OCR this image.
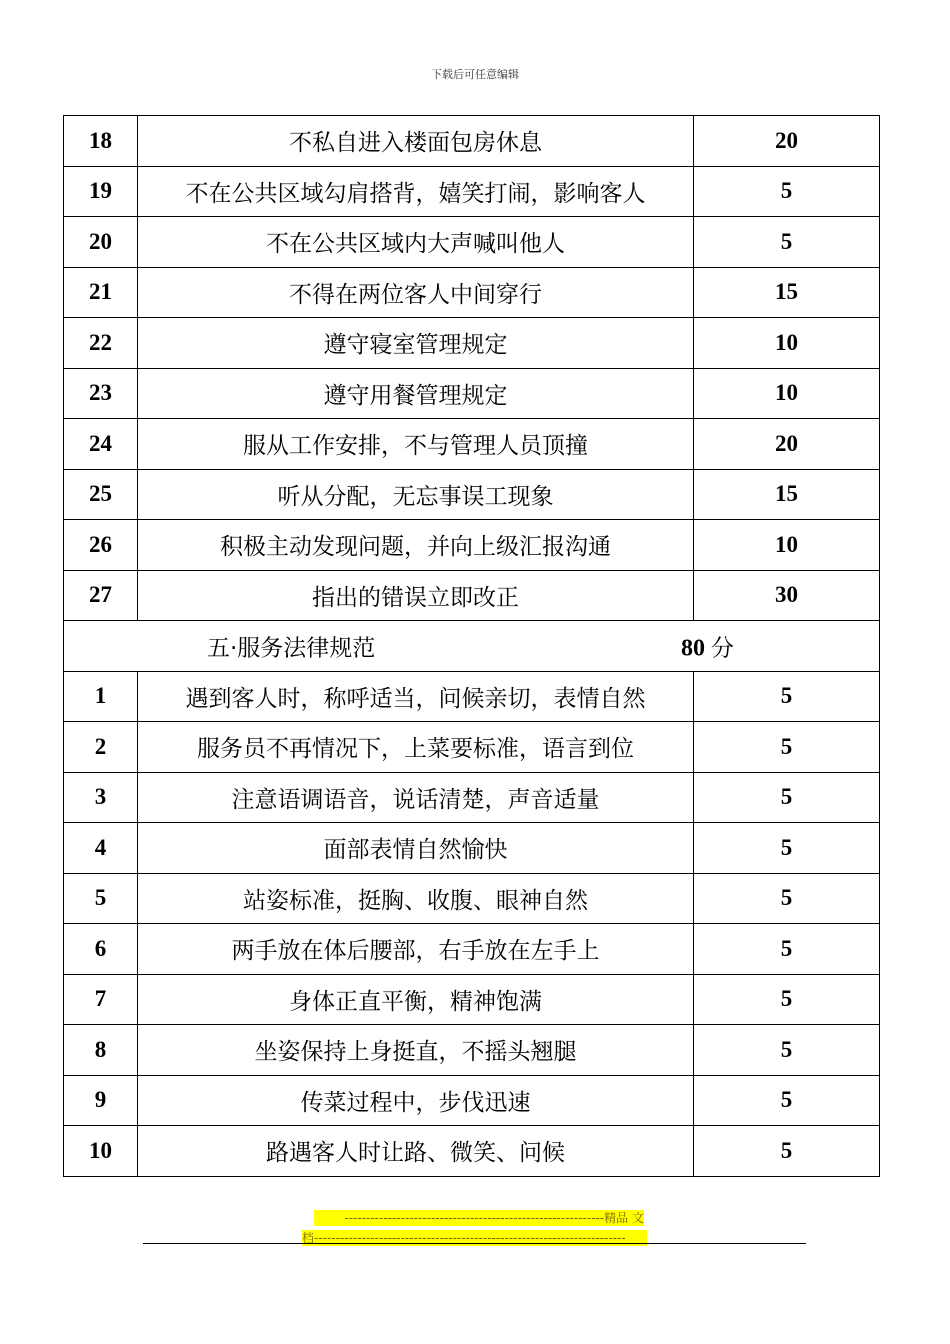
下载后可任意编辑
18	不私自进入楼面包房休息	20
19	不在公共区域勾肩搭背，嬉笑打闹，影响客人	5
20	不在公共区域内大声喊叫他人	5
21	不得在两位客人中间穿行	15
22	遵守寝室管理规定	10
23	遵守用餐管理规定	10
24	服从工作安排，不与管理人员顶撞	20
25	听从分配，无忘事误工现象	15
26	积极主动发现问题，并向上级汇报沟通	10
27	指出的错误立即改正	30

五·服务法律规范 80 分		

1	遇到客人时，称呼适当，问候亲切，表情自然	5
2	服务员不再情况下，上菜要标准，语言到位	5
3	注意语调语音，说话清楚，声音适量	5
4	面部表情自然愉快	5
5	站姿标准，挺胸、收腹、眼神自然	5
6	两手放在体后腰部，右手放在左手上	5
7	身体正直平衡，精神饱满	5
8	坐姿保持上身挺直，不摇头翘腿	5
9	传菜过程中，步伐迅速	5
10	路遇客人时让路、微笑、问候	5
------------------------------------------------------------精品 文
档------------------------------------------------------------------------
